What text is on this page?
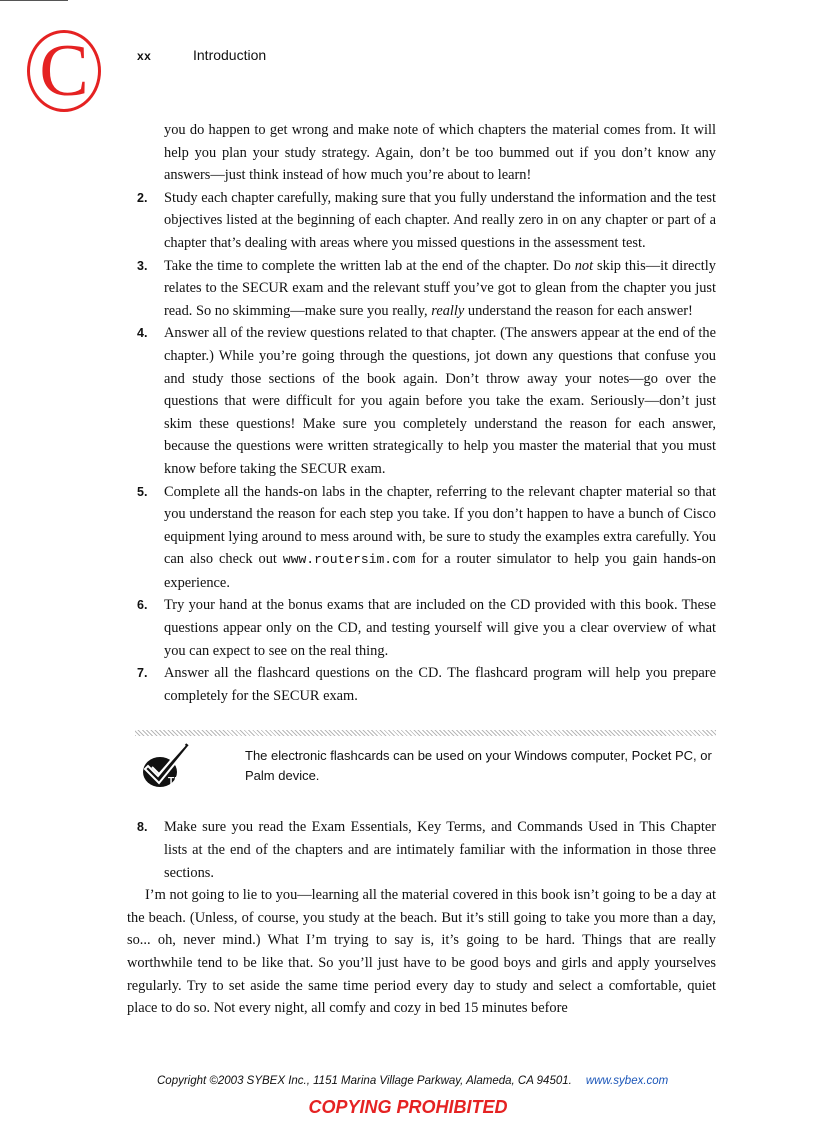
C	xx	Introduction

you do happen to get wrong and make note of which chapters the material comes from. It will help you plan your study strategy. Again, don’t be too bummed out if you don’t know any answers—just think instead of how much you’re about to learn!

2.	Study each chapter carefully, making sure that you fully understand the information and the test objectives listed at the beginning of each chapter. And really zero in on any chapter or part of a chapter that’s dealing with areas where you missed questions in the assessment test.
3.	Take the time to complete the written lab at the end of the chapter. Do not skip this—it directly relates to the SECUR exam and the relevant stuff you’ve got to glean from the chapter you just read. So no skimming—make sure you really, really understand the reason for each answer!
4.	Answer all of the review questions related to that chapter. (The answers appear at the end of the chapter.) While you’re going through the questions, jot down any questions that confuse you and study those sections of the book again. Don’t throw away your notes—go over the questions that were difficult for you again before you take the exam. Seriously—don’t just skim these questions! Make sure you completely understand the reason for each answer, because the questions were written strategically to help you master the material that you must know before taking the SECUR exam.
5.	Complete all the hands-on labs in the chapter, referring to the relevant chapter material so that you understand the reason for each step you take. If you don’t happen to have a bunch of Cisco equipment lying around to mess around with, be sure to study the examples extra carefully. You can also check out www.routersim.com for a router simulator to help you gain hands-on experience.
6.	Try your hand at the bonus exams that are included on the CD provided with this book. These questions appear only on the CD, and testing yourself will give you a clear overview of what you can expect to see on the real thing.
7.	Answer all the flashcard questions on the CD. The flashcard program will help you prepare completely for the SECUR exam.
TIP
The electronic flashcards can be used on your Windows computer, Pocket PC, or Palm device.
8.	Make sure you read the Exam Essentials, Key Terms, and Commands Used in This Chapter lists at the end of the chapters and are intimately familiar with the information in those three sections.

I’m not going to lie to you—learning all the material covered in this book isn’t going to be a day at the beach. (Unless, of course, you study at the beach. But it’s still going to take you more than a day, so... oh, never mind.) What I’m trying to say is, it’s going to be hard. Things that are really worthwhile tend to be like that. So you’ll just have to be good boys and girls and apply yourselves regularly. Try to set aside the same time period every day to study and select a comfortable, quiet place to do so. Not every night, all comfy and cozy in bed 15 minutes before

Copyright ©2003 SYBEX Inc., 1151 Marina Village Parkway, Alameda, CA 94501. www.sybex.com
COPYING PROHIBITED
